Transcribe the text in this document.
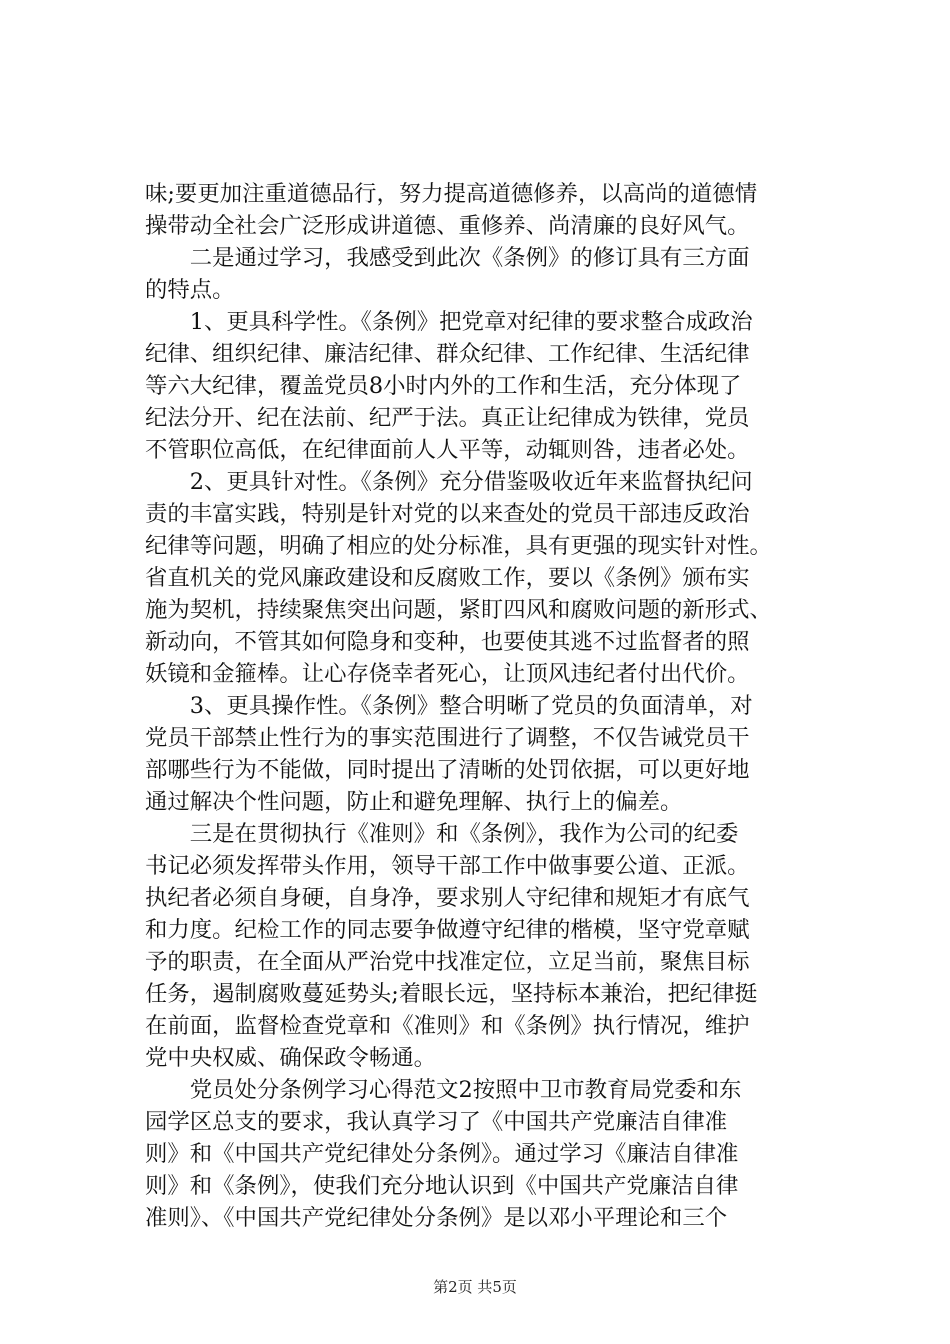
味;要更加注重道德品行，努力提高道德修养，以高尚的道德情
操带动全社会广泛形成讲道德、重修养、尚清廉的良好风气。
　　二是通过学习，我感受到此次《条例》的修订具有三方面
的特点。
　　1、更具科学性。《条例》把党章对纪律的要求整合成政治
纪律、组织纪律、廉洁纪律、群众纪律、工作纪律、生活纪律
等六大纪律，覆盖党员8小时内外的工作和生活，充分体现了
纪法分开、纪在法前、纪严于法。真正让纪律成为铁律，党员
不管职位高低，在纪律面前人人平等，动辄则咎，违者必处。
　　2、更具针对性。《条例》充分借鉴吸收近年来监督执纪问
责的丰富实践，特别是针对党的以来查处的党员干部违反政治
纪律等问题，明确了相应的处分标准，具有更强的现实针对性。
省直机关的党风廉政建设和反腐败工作，要以《条例》颁布实
施为契机，持续聚焦突出问题，紧盯四风和腐败问题的新形式、
新动向，不管其如何隐身和变种，也要使其逃不过监督者的照
妖镜和金箍棒。让心存侥幸者死心，让顶风违纪者付出代价。
　　3、更具操作性。《条例》整合明晰了党员的负面清单，对
党员干部禁止性行为的事实范围进行了调整，不仅告诫党员干
部哪些行为不能做，同时提出了清晰的处罚依据，可以更好地
通过解决个性问题，防止和避免理解、执行上的偏差。
　　三是在贯彻执行《准则》和《条例》，我作为公司的纪委
书记必须发挥带头作用，领导干部工作中做事要公道、正派。
执纪者必须自身硬，自身净，要求别人守纪律和规矩才有底气
和力度。纪检工作的同志要争做遵守纪律的楷模，坚守党章赋
予的职责，在全面从严治党中找准定位，立足当前，聚焦目标
任务，遏制腐败蔓延势头;着眼长远，坚持标本兼治，把纪律挺
在前面，监督检查党章和《准则》和《条例》执行情况，维护
党中央权威、确保政令畅通。
　　党员处分条例学习心得范文2按照中卫市教育局党委和东
园学区总支的要求，我认真学习了《中国共产党廉洁自律准
则》和《中国共产党纪律处分条例》。通过学习《廉洁自律准
则》和《条例》，使我们充分地认识到《中国共产党廉洁自律
准则》、《中国共产党纪律处分条例》是以邓小平理论和三个
第2页 共5页
